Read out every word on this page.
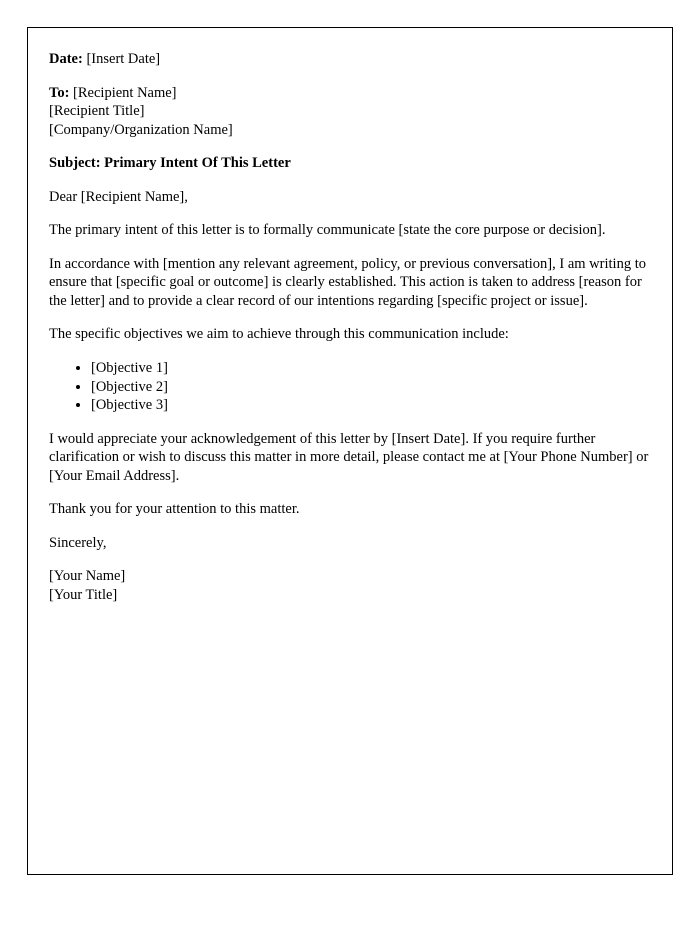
Date: [Insert Date]

To: [Recipient Name]

[Recipient Title]

[Company/Organization Name]

Subject: Primary Intent Of This Letter

Dear [Recipient Name],

The primary intent of this letter is to formally communicate [state the core purpose or decision].

In accordance with [mention any relevant agreement, policy, or previous conversation], I am writing to ensure that [specific goal or outcome] is clearly established. This action is taken to address [reason for the letter] and to provide a clear record of our intentions regarding [specific project or issue].

The specific objectives we aim to achieve through this communication include:

• [Objective 1]
• [Objective 2]
• [Objective 3]

I would appreciate your acknowledgement of this letter by [Insert Date]. If you require further clarification or wish to discuss this matter in more detail, please contact me at [Your Phone Number] or [Your Email Address].

Thank you for your attention to this matter.

Sincerely,

[Your Name]

[Your Title]
